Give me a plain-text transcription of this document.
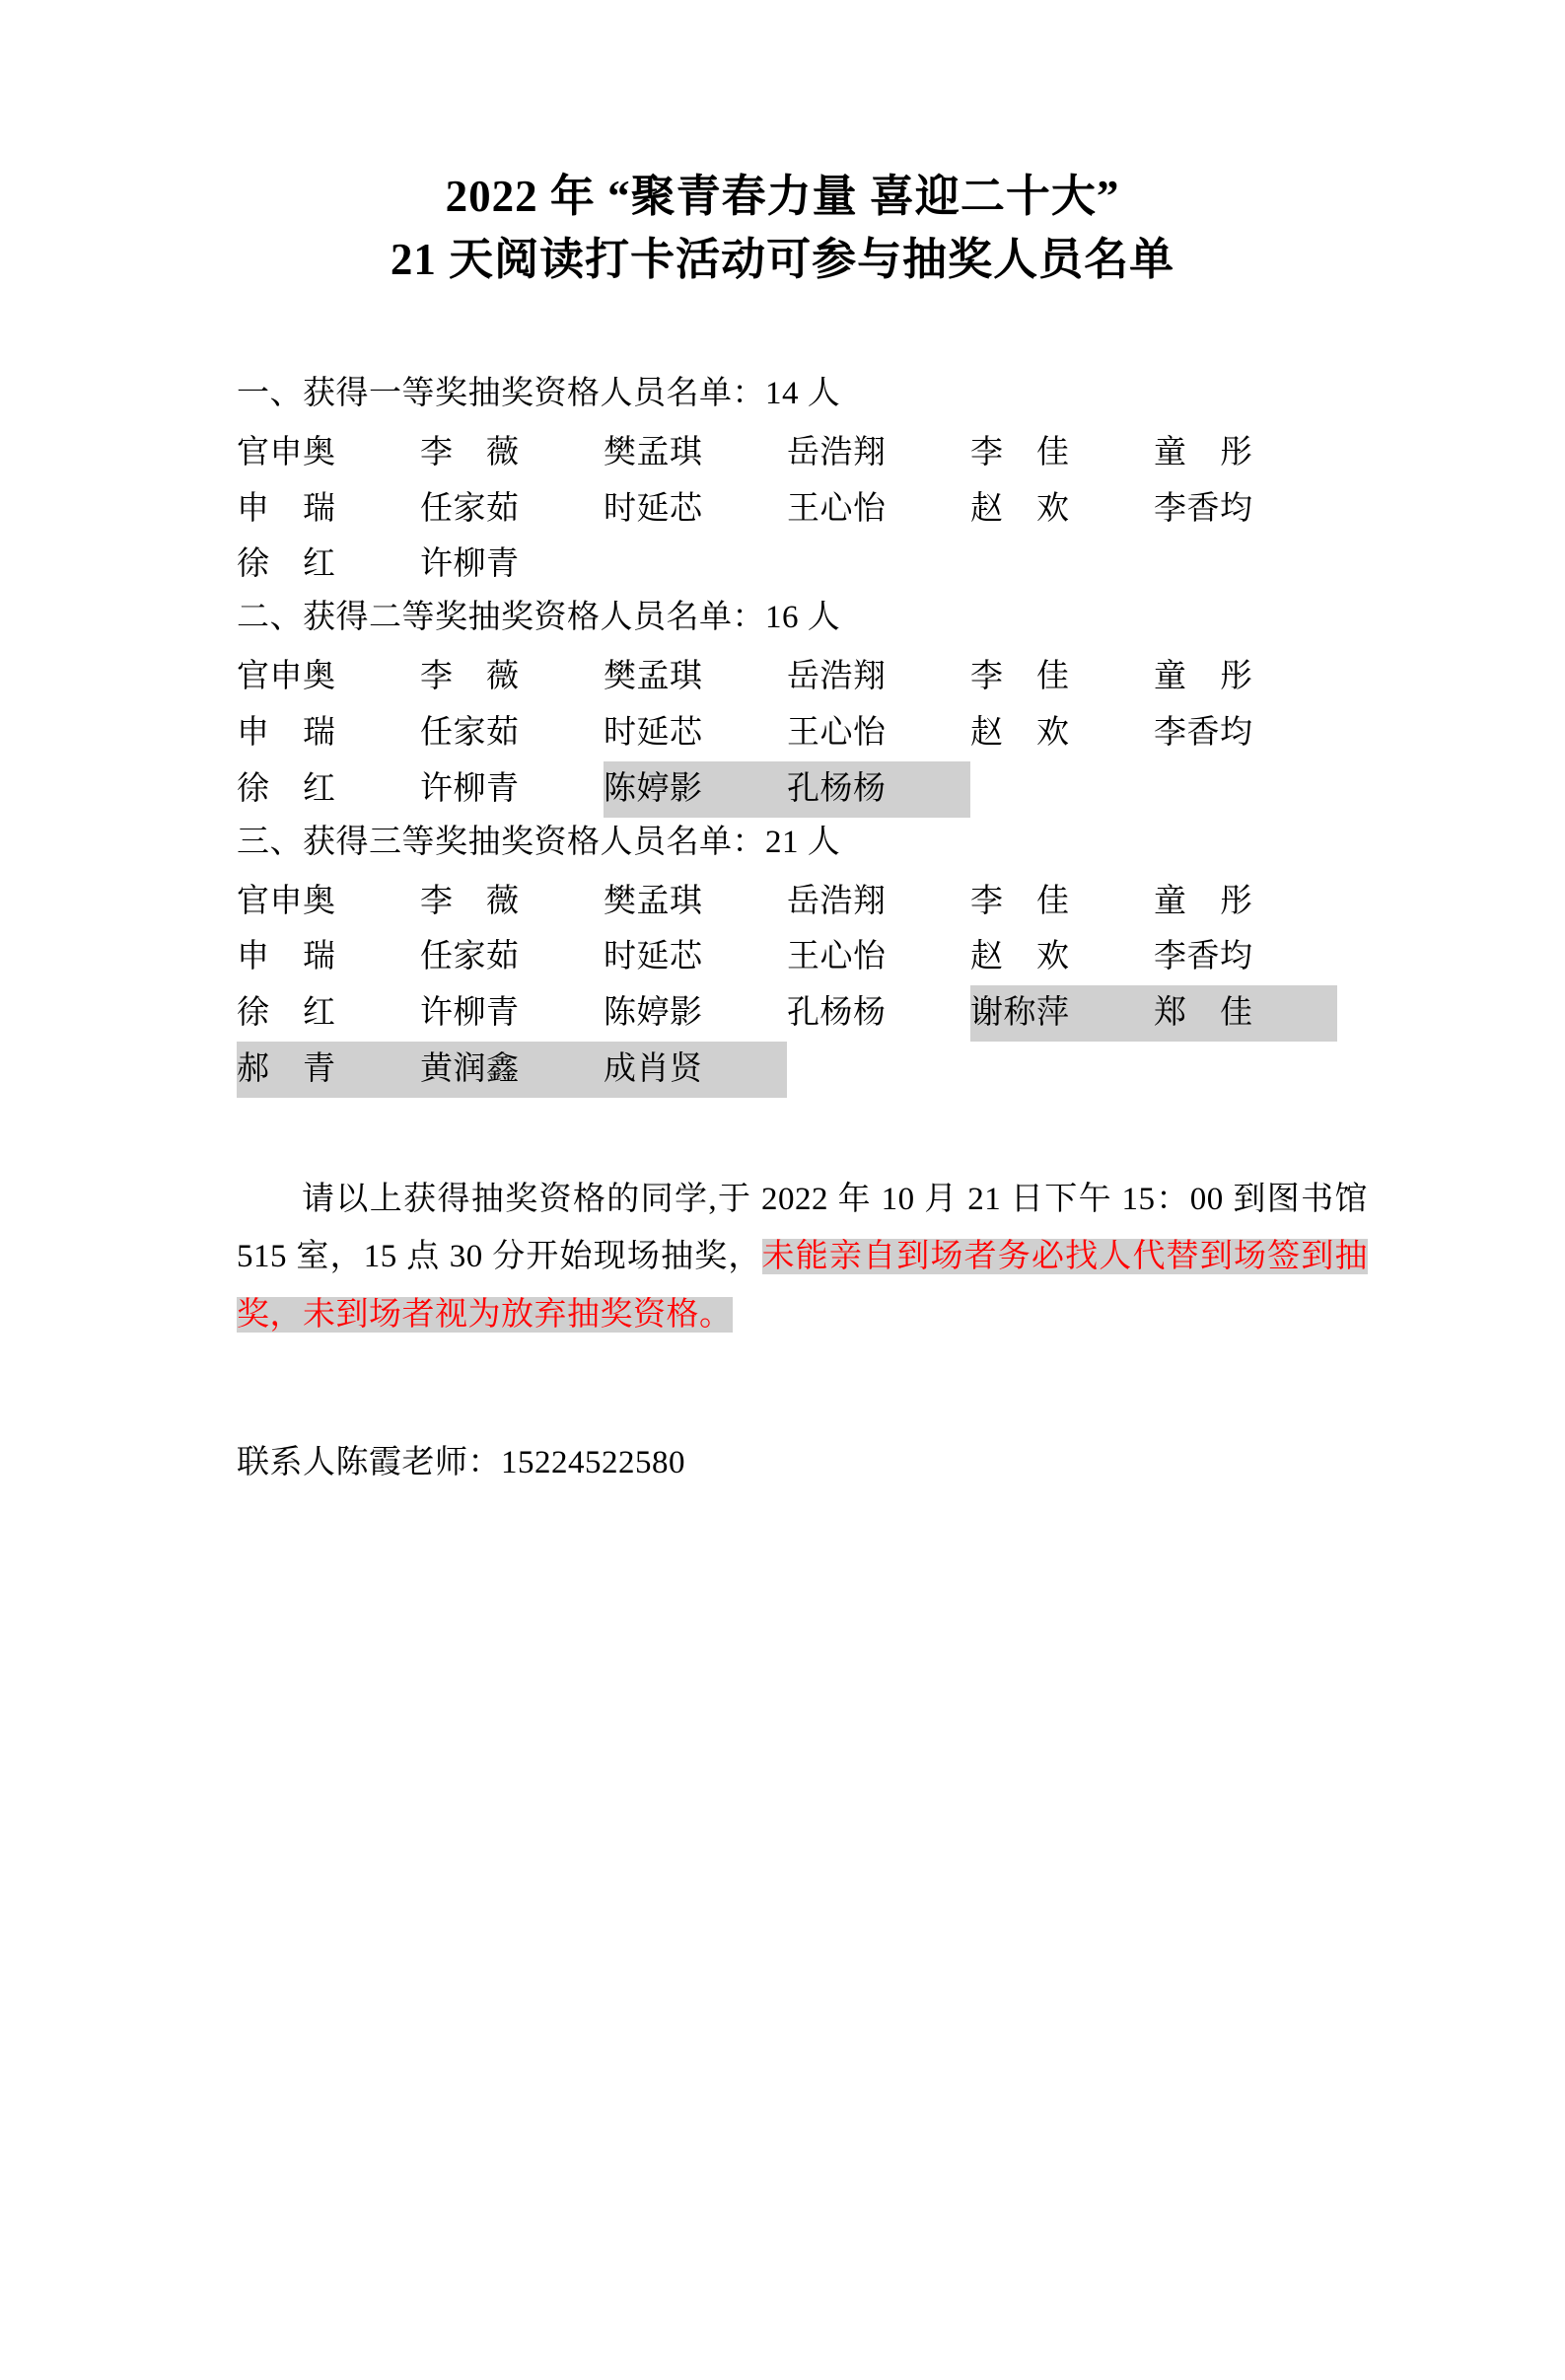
2022 年 “聚青春力量 喜迎二十大”
21 天阅读打卡活动可参与抽奖人员名单
一、获得一等奖抽奖资格人员名单：14 人
官申奥	李　薇	樊孟琪	岳浩翔	李　佳	童　彤
申　瑞	任家茹	时延芯	王心怡	赵　欢	李香均
徐　红	许柳青
二、获得二等奖抽奖资格人员名单：16 人
官申奥	李　薇	樊孟琪	岳浩翔	李　佳	童　彤
申　瑞	任家茹	时延芯	王心怡	赵　欢	李香均
徐　红	许柳青	陈婷影	孔杨杨
三、获得三等奖抽奖资格人员名单：21 人
官申奥	李　薇	樊孟琪	岳浩翔	李　佳	童　彤
申　瑞	任家茹	时延芯	王心怡	赵　欢	李香均
徐　红	许柳青	陈婷影	孔杨杨	谢称萍	郑　佳
郝　青	黄润鑫	成肖贤
请以上获得抽奖资格的同学,于 2022 年 10 月 21 日下午 15：00 到图书馆 515 室，15 点 30 分开始现场抽奖，未能亲自到场者务必找人代替到场签到抽奖，未到场者视为放弃抽奖资格。
联系人陈霞老师：15224522580
